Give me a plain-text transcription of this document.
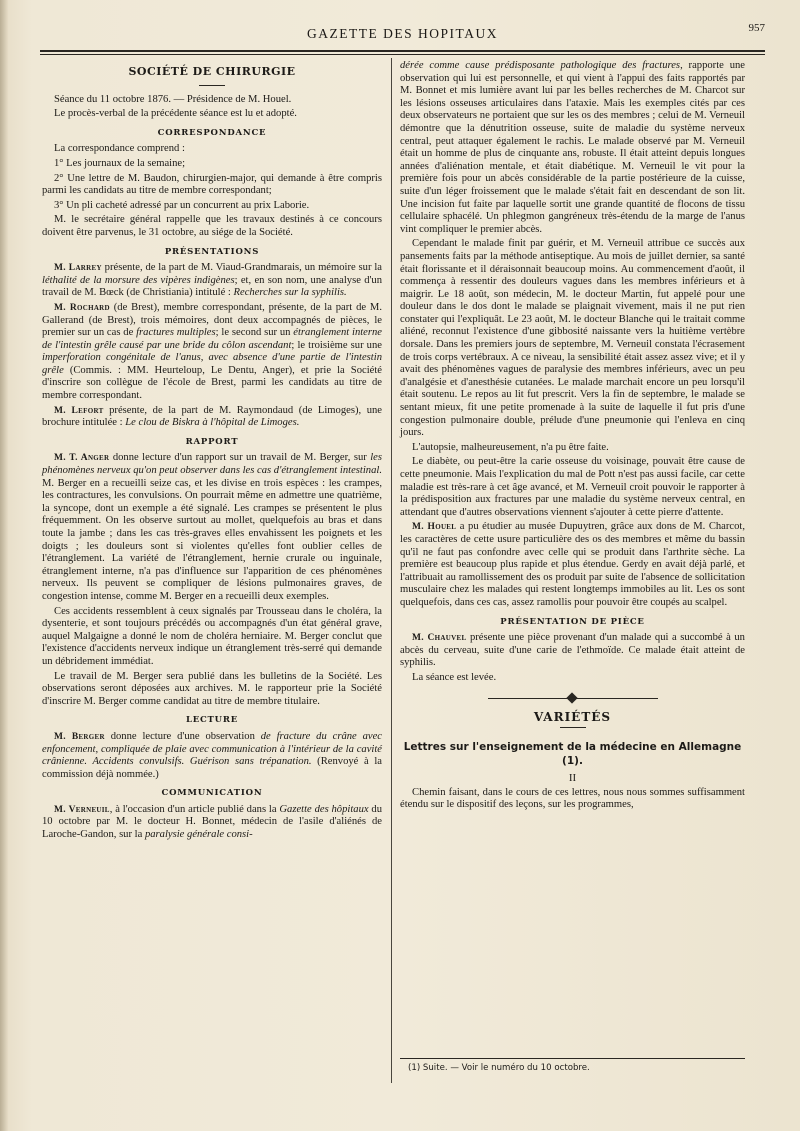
GAZETTE DES HOPITAUX	957
SOCIÉTÉ DE CHIRURGIE

Séance du 11 octobre 1876. — Présidence de M. Houel.

Le procès-verbal de la précédente séance est lu et adopté.

CORRESPONDANCE

La correspondance comprend :

1° Les journaux de la semaine;

2° Une lettre de M. Baudon, chirurgien-major, qui demande à être compris parmi les candidats au titre de membre correspondant;

3° Un pli cacheté adressé par un concurrent au prix Laborie.

M. le secrétaire général rappelle que les travaux destinés à ce concours doivent être parvenus, le 31 octobre, au siége de la Société.

PRÉSENTATIONS

M. Larrey présente, de la part de M. Viaud-Grandmarais, un mémoire sur la léthalité de la morsure des vipères indigènes; et, en son nom, une analyse d'un travail de M. Bœck (de Christiania) intitulé : Recherches sur la syphilis.

M. Rochard (de Brest), membre correspondant, présente, de la part de M. Gallerand (de Brest), trois mémoires, dont deux accompagnés de pièces, le premier sur un cas de fractures multiples; le second sur un étranglement interne de l'intestin grêle causé par une bride du côlon ascendant; le troisième sur une imperforation congénitale de l'anus, avec absence d'une partie de l'intestin grêle (Commis. : MM. Heurteloup, Le Dentu, Anger), et prie la Société d'inscrire son collègue de l'école de Brest, parmi les candidats au titre de membre correspondant.

M. Lefort présente, de la part de M. Raymondaud (de Limoges), une brochure intitulée : Le clou de Biskra à l'hôpital de Limoges.

RAPPORT

M. T. Anger donne lecture d'un rapport sur un travail de M. Berger, sur les phénomènes nerveux qu'on peut observer dans les cas d'étranglement intestinal. M. Berger en a recueilli seize cas, et les divise en trois espèces : les crampes, les contractures, les convulsions. On pourrait même en admettre une quatrième, la syncope, dont un exemple a été signalé. Les crampes se présentent le plus fréquemment. On les observe surtout au mollet, quelquefois au bras et dans toute la jambe ; dans les cas très-graves elles envahissent les poignets et les doigts ; les douleurs sont si violentes qu'elles font oublier celles de l'étranglement. La variété de l'étranglement, hernie crurale ou inguinale, étranglement interne, n'a pas d'influence sur l'apparition de ces phénomènes nerveux. Ils peuvent se compliquer de lésions pulmonaires graves, de congestion intense, comme M. Berger en a recueilli deux exemples.

Ces accidents ressemblent à ceux signalés par Trousseau dans le choléra, la dysenterie, et sont toujours précédés ou accompagnés d'un état général grave, auquel Malgaigne a donné le nom de choléra herniaire. M. Berger conclut que l'existence d'accidents nerveux indique un étranglement très-serré qui demande un débridement immédiat.

Le travail de M. Berger sera publié dans les bulletins de la Société. Les observations seront déposées aux archives. M. le rapporteur prie la Société d'inscrire M. Berger comme candidat au titre de membre titulaire.

LECTURE

M. Berger donne lecture d'une observation de fracture du crâne avec enfoncement, compliquée de plaie avec communication à l'intérieur de la cavité crânienne. Accidents convulsifs. Guérison sans trépanation. (Renvoyé à la commission déjà nommée.)

COMMUNICATION

M. Verneuil, à l'occasion d'un article publié dans la Gazette des hôpitaux du 10 octobre par M. le docteur H. Bonnet, médecin de l'asile d'aliénés de Laroche-Gandon, sur la paralysie générale consi-

dérée comme cause prédisposante pathologique des fractures, rapporte une observation qui lui est personnelle, et qui vient à l'appui des faits rapportés par M. Bonnet et mis lumière avant lui par les belles recherches de M. Charcot sur les lésions osseuses articulaires dans l'ataxie. Mais les exemples cités par ces deux observateurs ne portaient que sur les os des membres ; celui de M. Verneuil démontre que la dénutrition osseuse, suite de maladie du système nerveux central, peut attaquer également le rachis. Le malade observé par M. Verneuil était un homme de plus de cinquante ans, robuste. Il était atteint depuis longues années d'aliénation mentale, et était diabétique. M. Verneuil le vit pour la première fois pour un abcès considérable de la partie postérieure de la cuisse, suite d'un léger froissement que le malade s'était fait en descendant de son lit. Une incision fut faite par laquelle sortit une grande quantité de flocons de tissu cellulaire sphacélé. Un phlegmon gangréneux très-étendu de la marge de l'anus vint compliquer le premier abcès.

Cependant le malade finit par guérir, et M. Verneuil attribue ce succès aux pansements faits par la méthode antiseptique. Au mois de juillet dernier, sa santé était florissante et il déraisonnait beaucoup moins. Au commencement d'août, il commença à ressentir des douleurs vagues dans les membres inférieurs et à maigrir. Le 18 août, son médecin, M. le docteur Martin, fut appelé pour une douleur dans le dos dont le malade se plaignait vivement, mais il ne put rien constater qui l'expliquât. Le 23 août, M. le docteur Blanche qui le traitait comme aliéné, reconnut l'existence d'une gibbosité naissante vers la huitième vertèbre dorsale. Dans les premiers jours de septembre, M. Verneuil constata l'écrasement de trois corps vertébraux. A ce niveau, la sensibilité était assez assez vive; et il y avait des phénomènes vagues de paralysie des membres inférieurs, avec un peu d'analgésie et d'anesthésie cutanées. Le malade marchait encore un peu lorsqu'il était soutenu. Le repos au lit fut prescrit. Vers la fin de septembre, le malade se sentant mieux, fit une petite promenade à la suite de laquelle il fut pris d'une congestion pulmonaire double, prélude d'une pneumonie qui l'enleva en cinq jours.

L'autopsie, malheureusement, n'a pu être faite.

Le diabète, ou peut-être la carie osseuse du voisinage, pouvait être cause de cette pneumonie. Mais l'explication du mal de Pott n'est pas aussi facile, car cette maladie est très-rare à cet âge avancé, et M. Verneuil croit pouvoir le rapporter à la prédisposition aux fractures par une maladie du système nerveux central, en attendant que d'autres observations viennent s'ajouter à cette pierre d'attente.

M. Houel a pu étudier au musée Dupuytren, grâce aux dons de M. Charcot, les caractères de cette usure particulière des os des membres et même du bassin qu'il ne faut pas confondre avec celle qui se produit dans l'arthrite sèche. La première est beaucoup plus rapide et plus étendue. Gerdy en avait déjà parlé, et l'attribuait au ramollissement des os produit par suite de l'absence de sollicitation musculaire chez les malades qui restent longtemps immobiles au lit. Les os sont quelquefois, dans ces cas, assez ramollis pour pouvoir être coupés au scalpel.

PRÉSENTATION DE PIÈCE

M. Chauvel présente une pièce provenant d'un malade qui a succombé à un abcès du cerveau, suite d'une carie de l'ethmoïde. Ce malade était atteint de syphilis.

La séance est levée.

VARIÉTÉS
Lettres sur l'enseignement de la médecine en Allemagne (1).
II

Chemin faisant, dans le cours de ces lettres, nous nous sommes suffisamment étendu sur le dispositif des leçons, sur les programmes,

(1) Suite. — Voir le numéro du 10 octobre.
